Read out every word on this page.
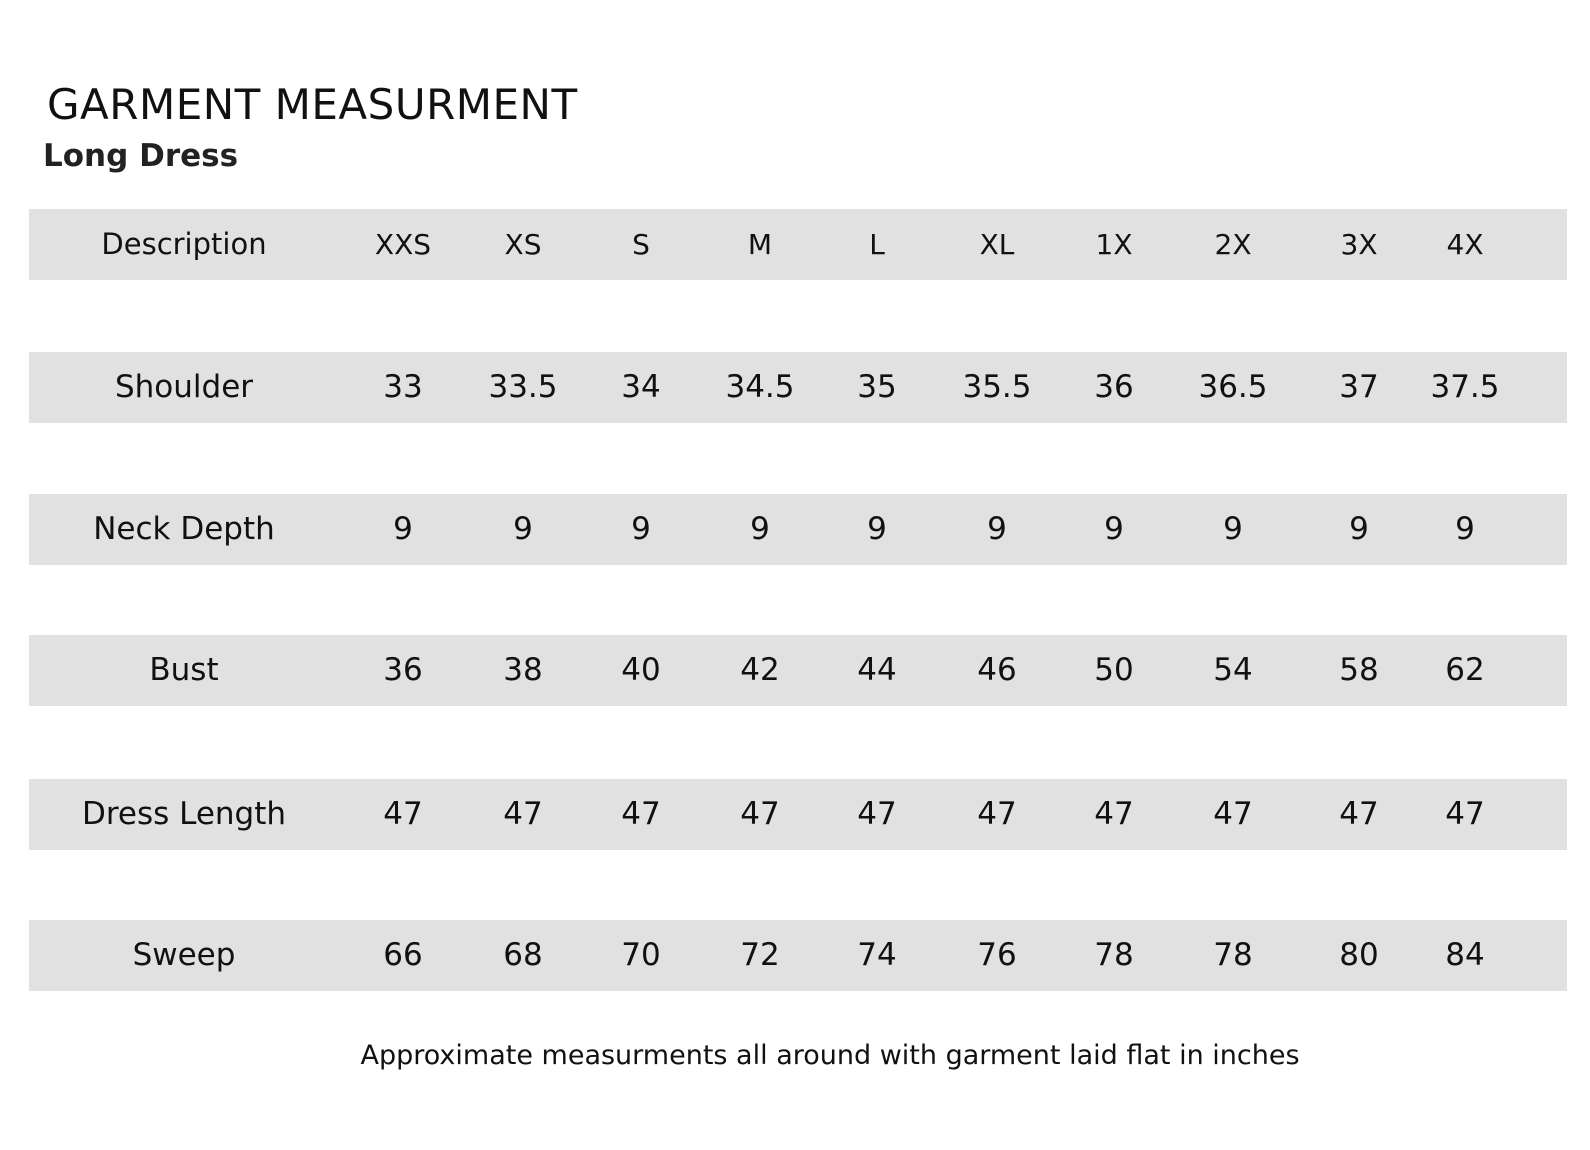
GARMENT MEASURMENT
Long Dress
Description	XXS	XS	S	M	L	XL	1X	2X	3X	4X
Shoulder	33	33.5	34	34.5	35	35.5	36	36.5	37	37.5
Neck Depth	9	9	9	9	9	9	9	9	9	9
Bust	36	38	40	42	44	46	50	54	58	62
Dress Length	47	47	47	47	47	47	47	47	47	47
Sweep	66	68	70	72	74	76	78	78	80	84

Approximate measurments all around with garment laid flat in inches
